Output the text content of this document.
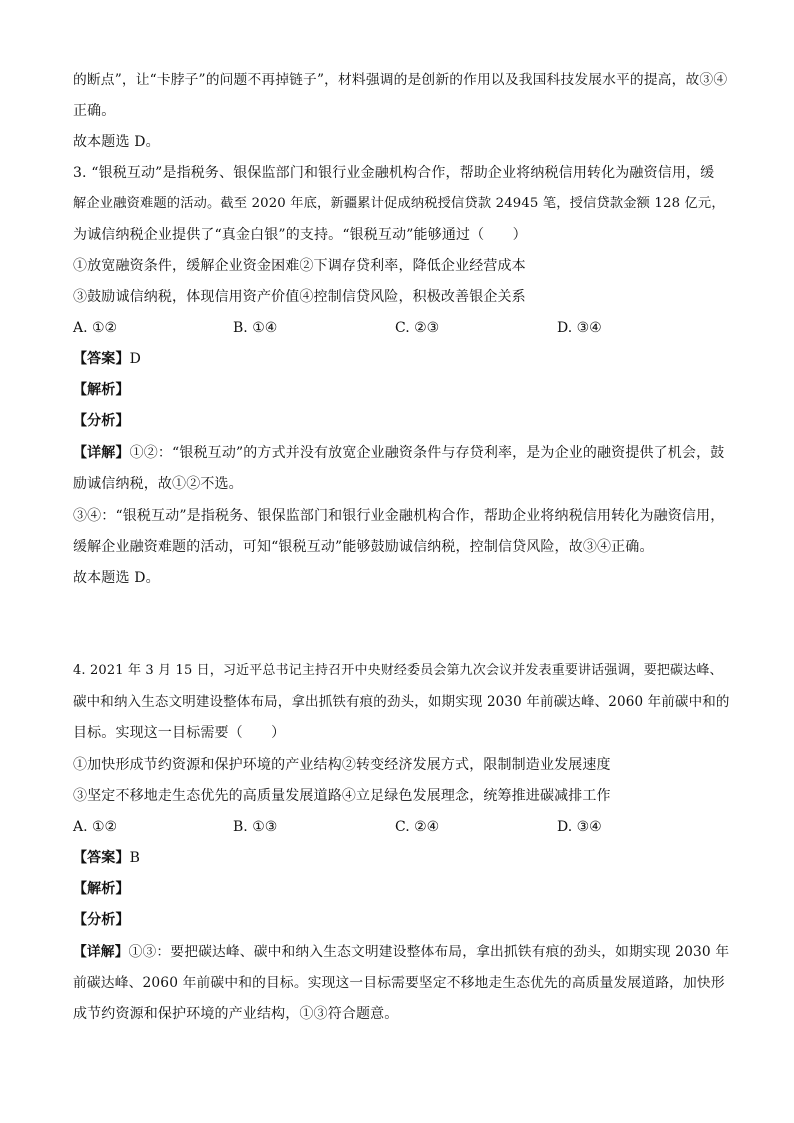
的断点”，让“卡脖子”的问题不再掉链子”，材料强调的是创新的作用以及我国科技发展水平的提高，故③④
正确。
故本题选 D。
3. “银税互动”是指税务、银保监部门和银行业金融机构合作，帮助企业将纳税信用转化为融资信用，缓
解企业融资难题的活动。截至 2020 年底，新疆累计促成纳税授信贷款 24945 笔，授信贷款金额 128 亿元，
为诚信纳税企业提供了“真金白银”的支持。“银税互动”能够通过（　　）
①放宽融资条件，缓解企业资金困难②下调存贷利率，降低企业经营成本
③鼓励诚信纳税，体现信用资产价值④控制信贷风险，积极改善银企关系
A. ①②	B. ①④	C. ②③	D. ③④
【答案】D
【解析】
【分析】
【详解】①②：“银税互动”的方式并没有放宽企业融资条件与存贷利率，是为企业的融资提供了机会，鼓
励诚信纳税，故①②不选。
③④：“银税互动”是指税务、银保监部门和银行业金融机构合作，帮助企业将纳税信用转化为融资信用，
缓解企业融资难题的活动，可知“银税互动”能够鼓励诚信纳税，控制信贷风险，故③④正确。
故本题选 D。
4. 2021 年 3 月 15 日，习近平总书记主持召开中央财经委员会第九次会议并发表重要讲话强调，要把碳达峰、
碳中和纳入生态文明建设整体布局，拿出抓铁有痕的劲头，如期实现 2030 年前碳达峰、2060 年前碳中和的
目标。实现这一目标需要（　　）
①加快形成节约资源和保护环境的产业结构②转变经济发展方式，限制制造业发展速度
③坚定不移地走生态优先的高质量发展道路④立足绿色发展理念，统筹推进碳减排工作
A. ①②	B. ①③	C. ②④	D. ③④
【答案】B
【解析】
【分析】
【详解】①③：要把碳达峰、碳中和纳入生态文明建设整体布局，拿出抓铁有痕的劲头，如期实现 2030 年
前碳达峰、2060 年前碳中和的目标。实现这一目标需要坚定不移地走生态优先的高质量发展道路，加快形
成节约资源和保护环境的产业结构，①③符合题意。
